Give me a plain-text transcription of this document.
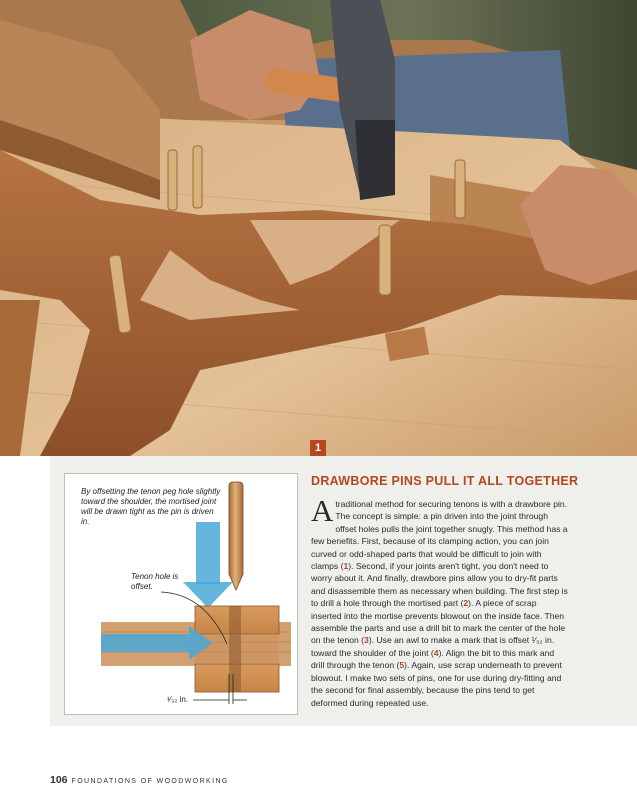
1
By offsetting the tenon peg hole slightly toward the shoulder, the mortised joint will be drawn tight as the pin is driven in.
Tenon hole is offset.
¹⁄₃₂ in.
DRAWBORE PINS PULL IT ALL TOGETHER

Atraditional method for securing tenons is with a drawbore pin. The concept is simple: a pin driven into the joint through offset holes pulls the joint together snugly. This method has a few benefits. First, because of its clamping action, you can join curved or odd-shaped parts that would be difficult to join with clamps (1). Second, if your joints aren't tight, you don't need to worry about it. And finally, drawbore pins allow you to dry-fit parts and disassemble them as necessary when building. The first step is to drill a hole through the mortised part (2). A piece of scrap inserted into the mortise prevents blowout on the inside face. Then assemble the parts and use a drill bit to mark the center of the hole on the tenon (3). Use an awl to make a mark that is offset ¹⁄₃₂ in. toward the shoulder of the joint (4). Align the bit to this mark and drill through the tenon (5). Again, use scrap underneath to prevent blowout. I make two sets of pins, one for use during dry-fitting and the second for final assembly, because the pins tend to get deformed during repeated use.

106 FOUNDATIONS OF WOODWORKING
